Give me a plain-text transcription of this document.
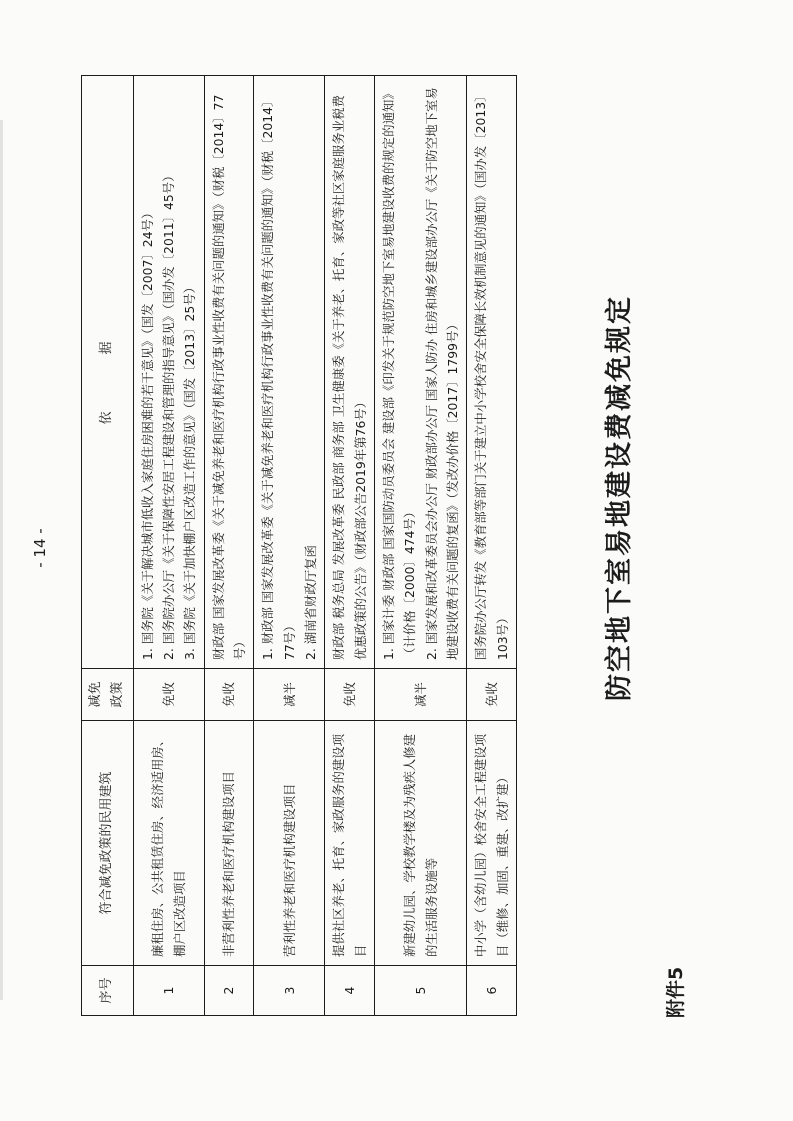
附件5
防空地下室易地建设费减免规定
序号	符合减免政策的民用建筑	减免政策	依　据
1	廉租住房、公共租赁住房、经济适用房、棚户区改造项目	免收	1. 国务院《关于解决城市低收入家庭住房困难的若干意见》（国发〔2007〕24号） 2. 国务院办公厅《关于保障性安居工程建设和管理的指导意见》（国办发〔2011〕45号） 3. 国务院《关于加快棚户区改造工作的意见》（国发〔2013〕25号）

2	非营利性养老和医疗机构建设项目	免收	财政部 国家发展改革委《关于减免养老和医疗机构行政事业性收费有关问题的通知》（财税〔2014〕77号）

3	营利性养老和医疗机构建设项目	减半	1. 财政部 国家发展改革委《关于减免养老和医疗机构行政事业性收费有关问题的通知》（财税〔2014〕77号） 2. 湖南省财政厅复函

4	提供社区养老、托育、家政服务的建设项目	免收	财政部 税务总局 发展改革委 民政部 商务部 卫生健康委《关于养老、托育、家政等社区家庭服务业税费优惠政策的公告》（财政部公告2019年第76号）

5	新建幼儿园、学校教学楼及为残疾人修建的生活服务设施等	减半	1. 国家计委 财政部 国家国防动员委员会 建设部《印发关于规范防空地下室易地建设收费的规定的通知》（计价格〔2000〕474号） 2. 国家发展和改革委员会办公厅 财政部办公厅 国家人防办 住房和城乡建设部办公厅《关于防空地下室易地建设收费有关问题的复函》（发改办价格〔2017〕1799号）

6	中小学（含幼儿园）校舍安全工程建设项目（维修、加固、重建、改扩建）	免收	国务院办公厅转发《教育部等部门关于建立中小学校舍安全保障长效机制意见的通知》（国办发〔2013〕103号）
- 14 -
